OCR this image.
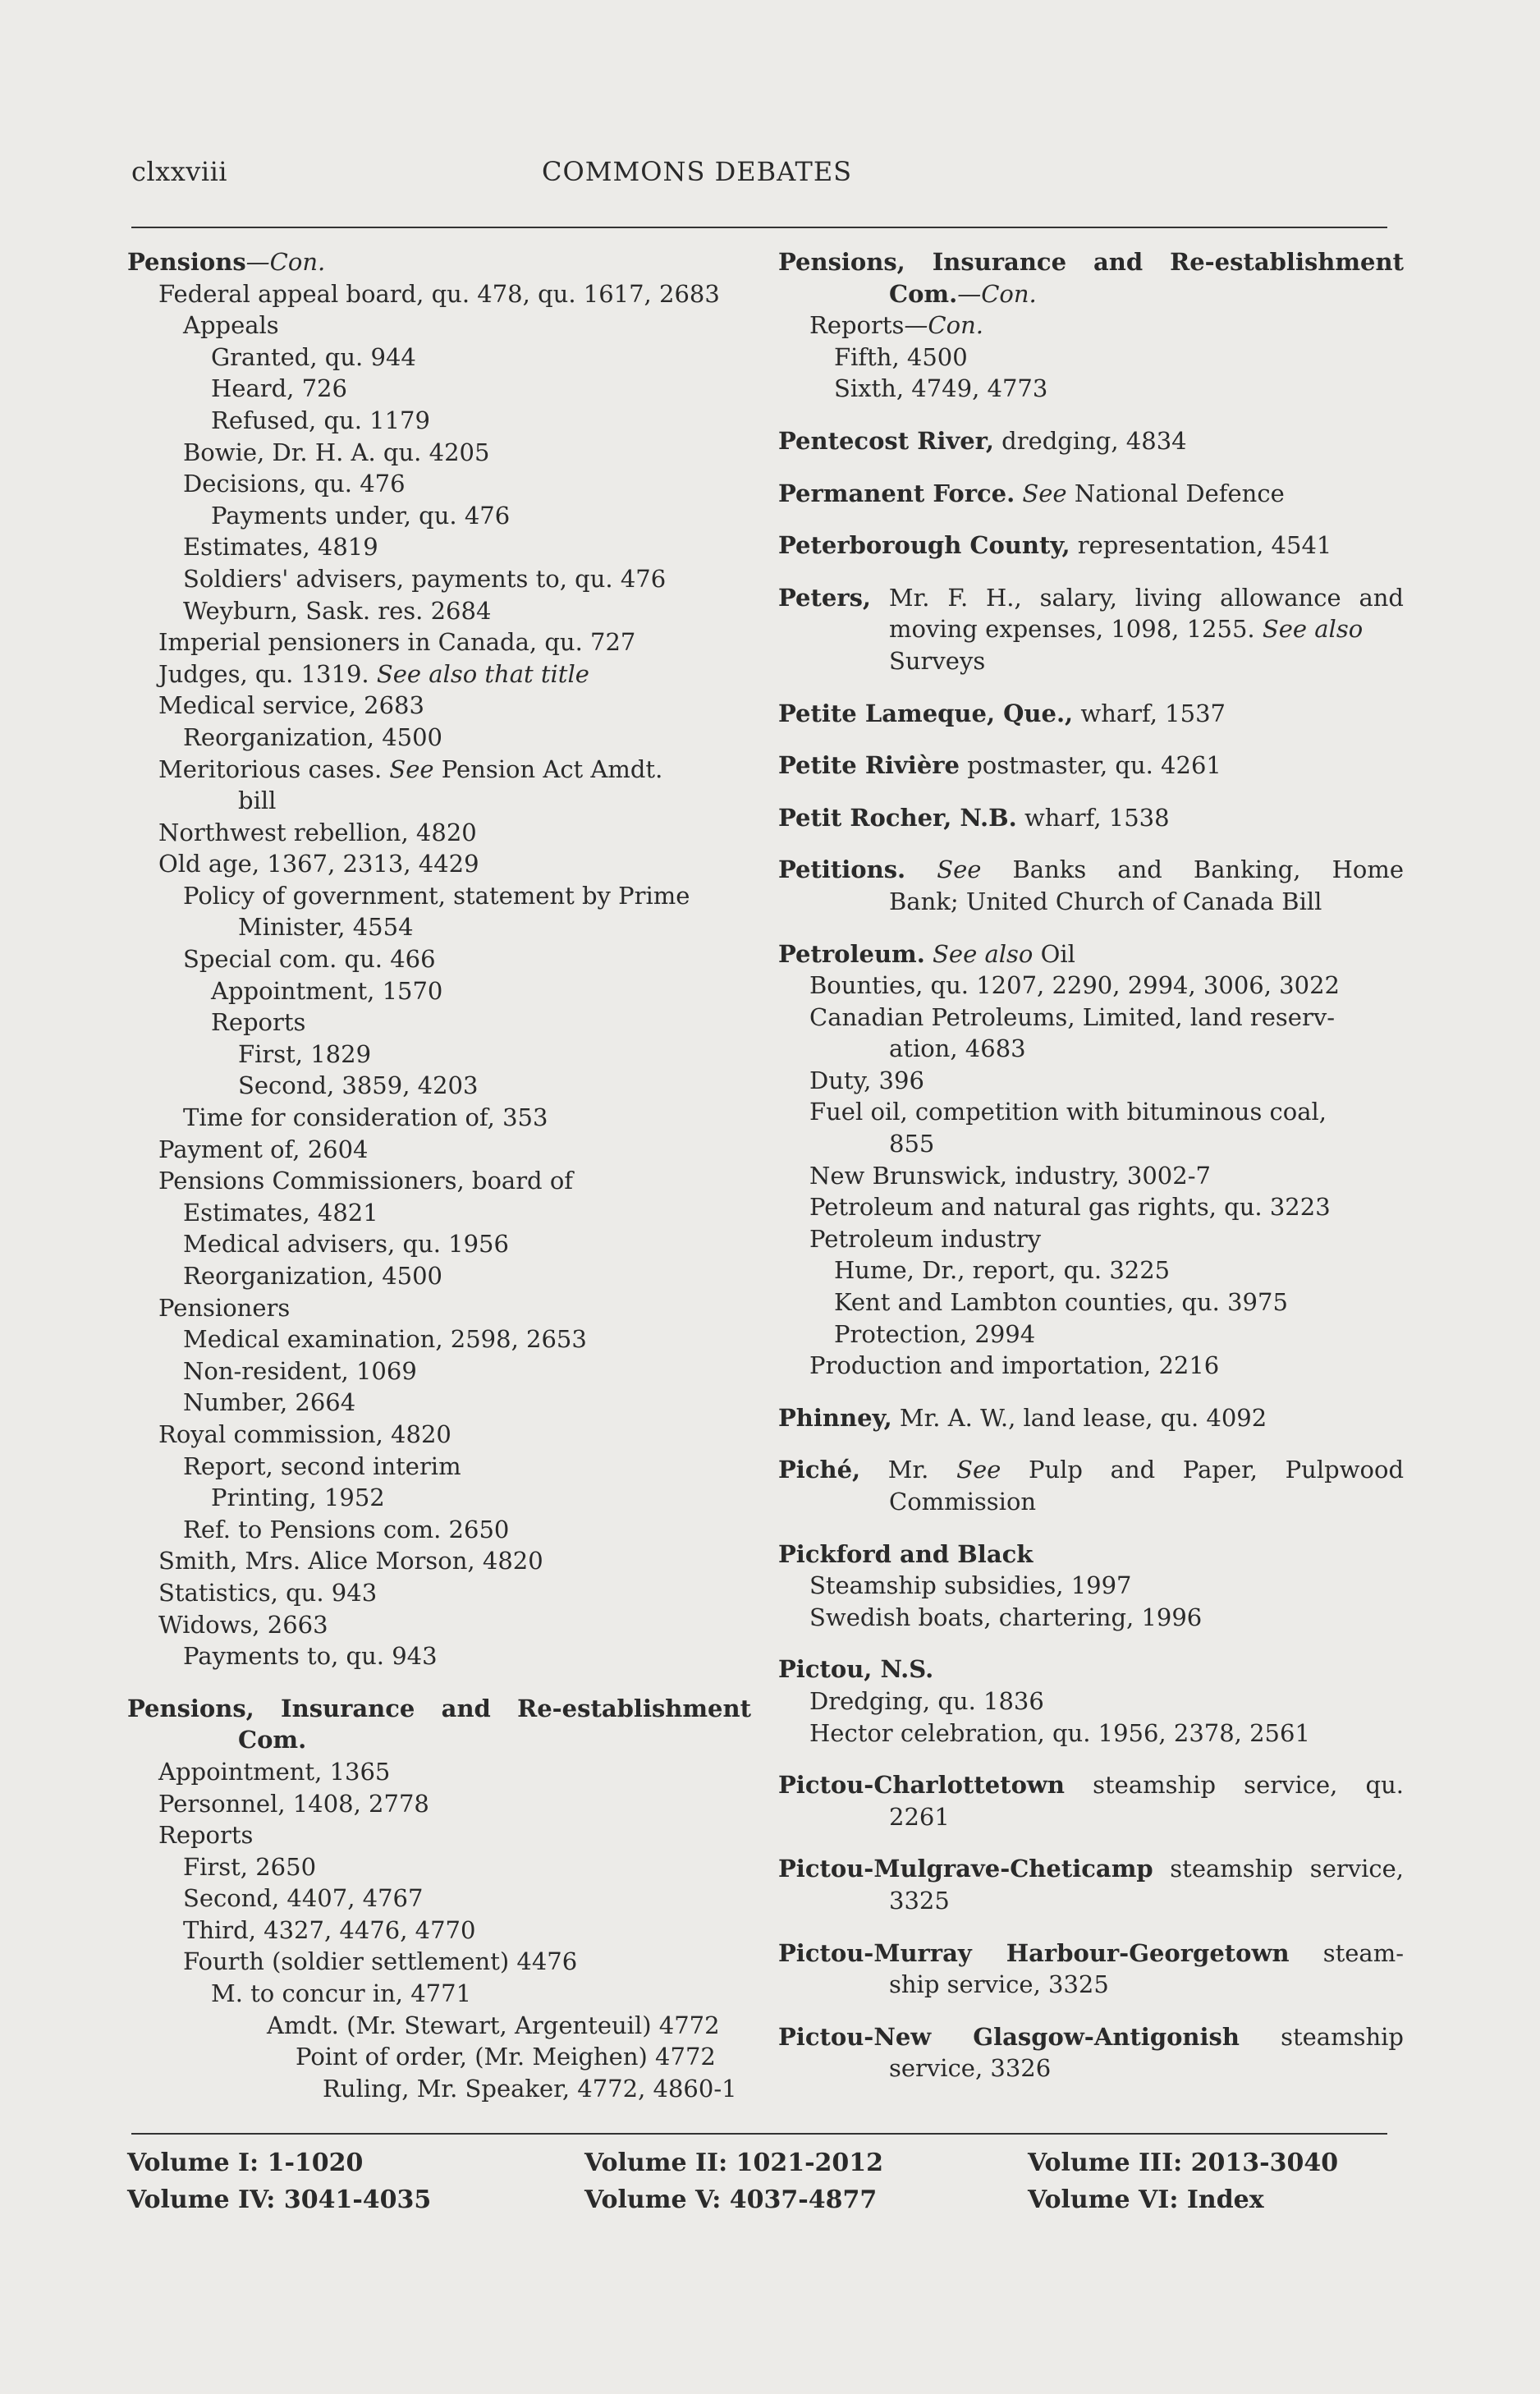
clxxviii	COMMONS DEBATES
Pensions—Con.
Federal appeal board, qu. 478, qu. 1617, 2683
Appeals
Granted, qu. 944
Heard, 726
Refused, qu. 1179
Bowie, Dr. H. A. qu. 4205
Decisions, qu. 476
Payments under, qu. 476
Estimates, 4819
Soldiers' advisers, payments to, qu. 476
Weyburn, Sask. res. 2684
Imperial pensioners in Canada, qu. 727
Judges, qu. 1319. See also that title
Medical service, 2683
Reorganization, 4500
Meritorious cases. See Pension Act Amdt.
bill
Northwest rebellion, 4820
Old age, 1367, 2313, 4429
Policy of government, statement by Prime
Minister, 4554
Special com. qu. 466
Appointment, 1570
Reports
First, 1829
Second, 3859, 4203
Time for consideration of, 353
Payment of, 2604
Pensions Commissioners, board of
Estimates, 4821
Medical advisers, qu. 1956
Reorganization, 4500
Pensioners
Medical examination, 2598, 2653
Non-resident, 1069
Number, 2664
Royal commission, 4820
Report, second interim
Printing, 1952
Ref. to Pensions com. 2650
Smith, Mrs. Alice Morson, 4820
Statistics, qu. 943
Widows, 2663
Payments to, qu. 943
Pensions, Insurance and Re-establishment
Com.
Appointment, 1365
Personnel, 1408, 2778
Reports
First, 2650
Second, 4407, 4767
Third, 4327, 4476, 4770
Fourth (soldier settlement) 4476
M. to concur in, 4771
Amdt. (Mr. Stewart, Argenteuil) 4772
Point of order, (Mr. Meighen) 4772
Ruling, Mr. Speaker, 4772, 4860-1
Pensions, Insurance and Re-establishment
Com.—Con.
Reports—Con.
Fifth, 4500
Sixth, 4749, 4773
Pentecost River, dredging, 4834
Permanent Force. See National Defence
Peterborough County, representation, 4541
Peters, Mr. F. H., salary, living allowance and
moving expenses, 1098, 1255. See also
Surveys
Petite Lameque, Que., wharf, 1537
Petite Rivière postmaster, qu. 4261
Petit Rocher, N.B. wharf, 1538
Petitions. See Banks and Banking, Home
Bank; United Church of Canada Bill
Petroleum. See also Oil
Bounties, qu. 1207, 2290, 2994, 3006, 3022
Canadian Petroleums, Limited, land reserv-
ation, 4683
Duty, 396
Fuel oil, competition with bituminous coal,
855
New Brunswick, industry, 3002-7
Petroleum and natural gas rights, qu. 3223
Petroleum industry
Hume, Dr., report, qu. 3225
Kent and Lambton counties, qu. 3975
Protection, 2994
Production and importation, 2216
Phinney, Mr. A. W., land lease, qu. 4092
Piché, Mr. See Pulp and Paper, Pulpwood
Commission
Pickford and Black
Steamship subsidies, 1997
Swedish boats, chartering, 1996
Pictou, N.S.
Dredging, qu. 1836
Hector celebration, qu. 1956, 2378, 2561
Pictou-Charlottetown steamship service, qu.
2261
Pictou-Mulgrave-Cheticamp steamship service,
3325
Pictou-Murray Harbour-Georgetown steam-
ship service, 3325
Pictou-New Glasgow-Antigonish steamship
service, 3326
Volume I: 1-1020
Volume IV: 3041-4035
Volume II: 1021-2012
Volume V: 4037-4877
Volume III: 2013-3040
Volume VI: Index
